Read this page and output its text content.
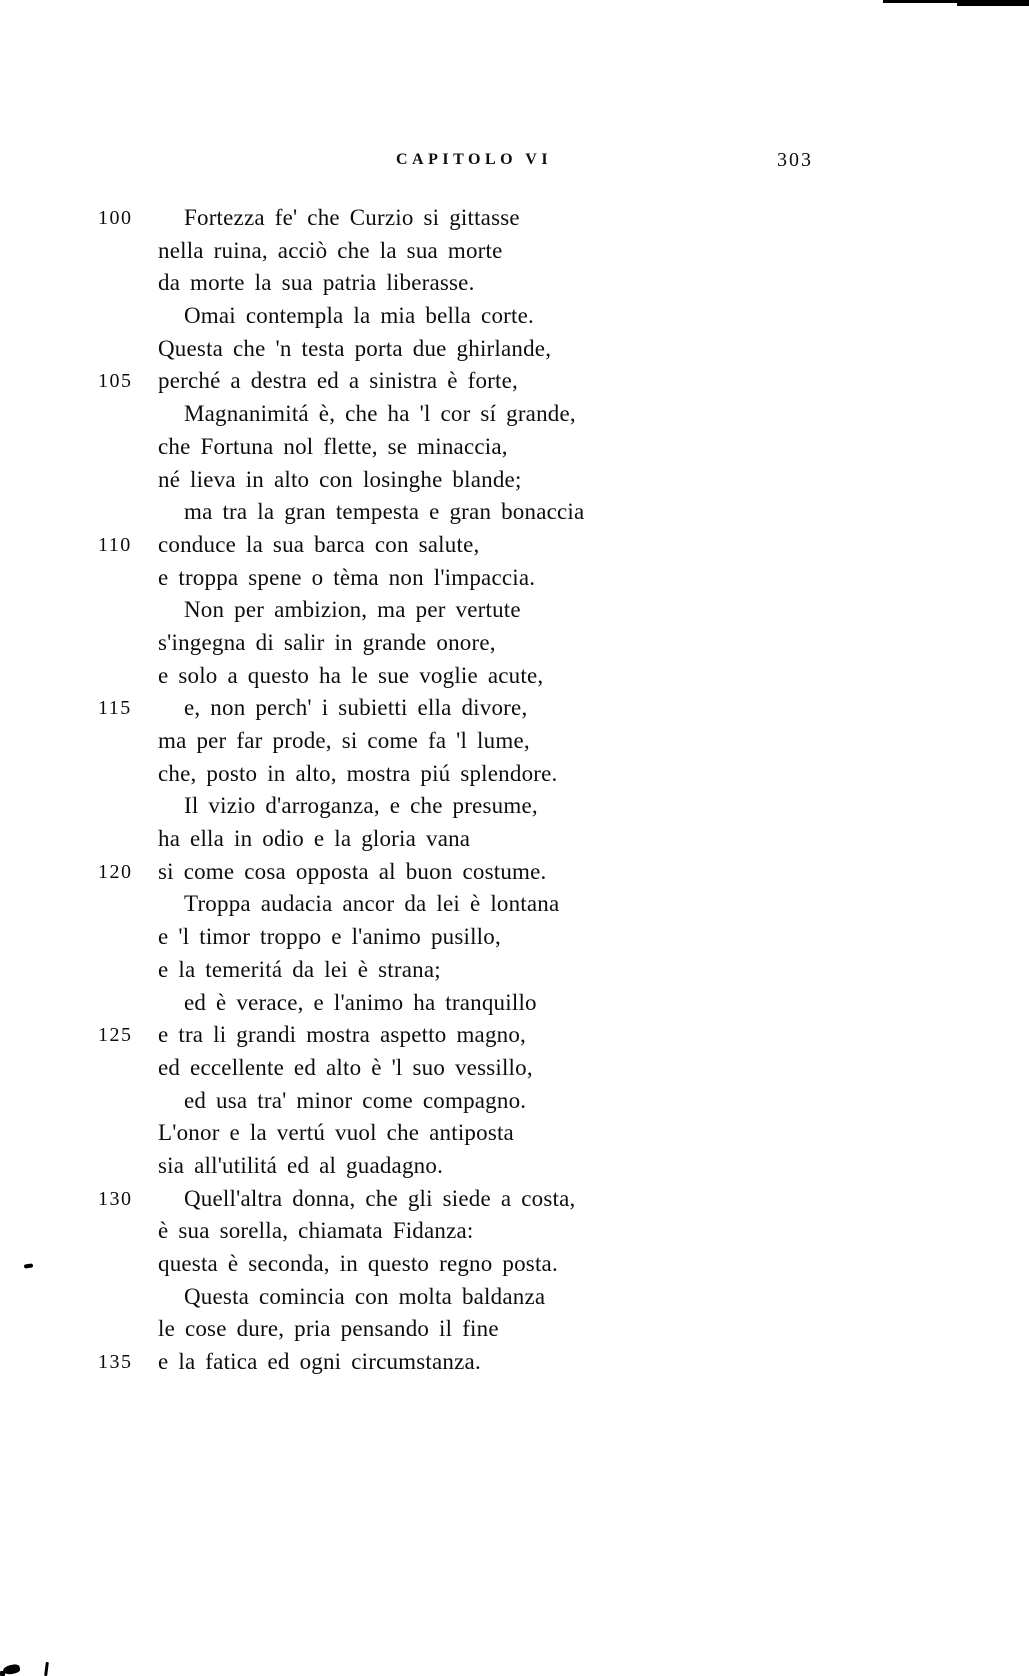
CAPITOLO VI	303
100	Fortezza fe' che Curzio si gittasse
nella ruina, acciò che la sua morte
da morte la sua patria liberasse.
Omai contempla la mia bella corte.
Questa che 'n testa porta due ghirlande,
105	perché a destra ed a sinistra è forte,
Magnanimitá è, che ha 'l cor sí grande,
che Fortuna nol flette, se minaccia,
né lieva in alto con losinghe blande;
ma tra la gran tempesta e gran bonaccia
110	conduce la sua barca con salute,
e troppa spene o tèma non l'impaccia.
Non per ambizion, ma per vertute
s'ingegna di salir in grande onore,
e solo a questo ha le sue voglie acute,
115	e, non perch' i subietti ella divore,
ma per far prode, si come fa 'l lume,
che, posto in alto, mostra piú splendore.
Il vizio d'arroganza, e che presume,
ha ella in odio e la gloria vana
120	si come cosa opposta al buon costume.
Troppa audacia ancor da lei è lontana
e 'l timor troppo e l'animo pusillo,
e la temeritá da lei è strana;
ed è verace, e l'animo ha tranquillo
125	e tra li grandi mostra aspetto magno,
ed eccellente ed alto è 'l suo vessillo,
ed usa tra' minor come compagno.
L'onor e la vertú vuol che antiposta
sia all'utilitá ed al guadagno.
130	Quell'altra donna, che gli siede a costa,
è sua sorella, chiamata Fidanza:
questa è seconda, in questo regno posta.
Questa comincia con molta baldanza
le cose dure, pria pensando il fine
135	e la fatica ed ogni circumstanza.
